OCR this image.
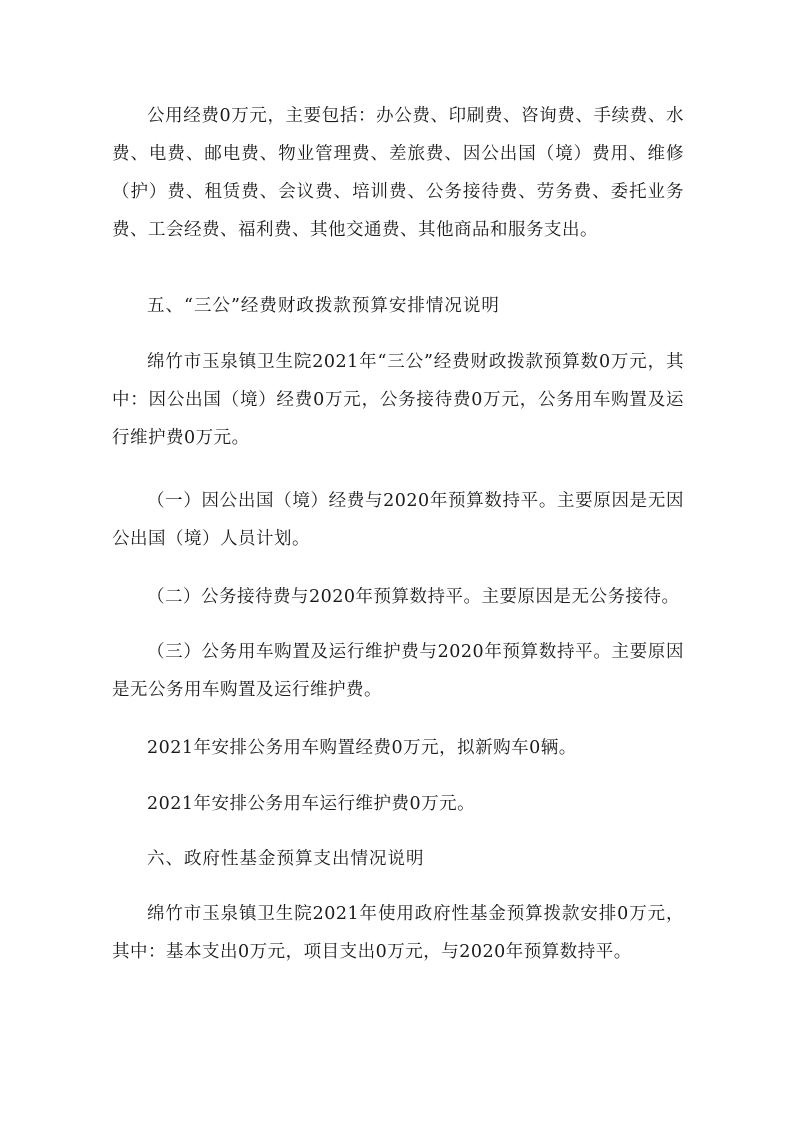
公用经费0万元，主要包括：办公费、印刷费、咨询费、手续费、水费、电费、邮电费、物业管理费、差旅费、因公出国（境）费用、维修（护）费、租赁费、会议费、培训费、公务接待费、劳务费、委托业务费、工会经费、福利费、其他交通费、其他商品和服务支出。

五、“三公”经费财政拨款预算安排情况说明

绵竹市玉泉镇卫生院2021年“三公”经费财政拨款预算数0万元，其中：因公出国（境）经费0万元，公务接待费0万元，公务用车购置及运行维护费0万元。

（一）因公出国（境）经费与2020年预算数持平。主要原因是无因公出国（境）人员计划。

（二）公务接待费与2020年预算数持平。主要原因是无公务接待。

（三）公务用车购置及运行维护费与2020年预算数持平。主要原因是无公务用车购置及运行维护费。

2021年安排公务用车购置经费0万元，拟新购车0辆。

2021年安排公务用车运行维护费0万元。

六、政府性基金预算支出情况说明

绵竹市玉泉镇卫生院2021年使用政府性基金预算拨款安排0万元，其中：基本支出0万元，项目支出0万元，与2020年预算数持平。
